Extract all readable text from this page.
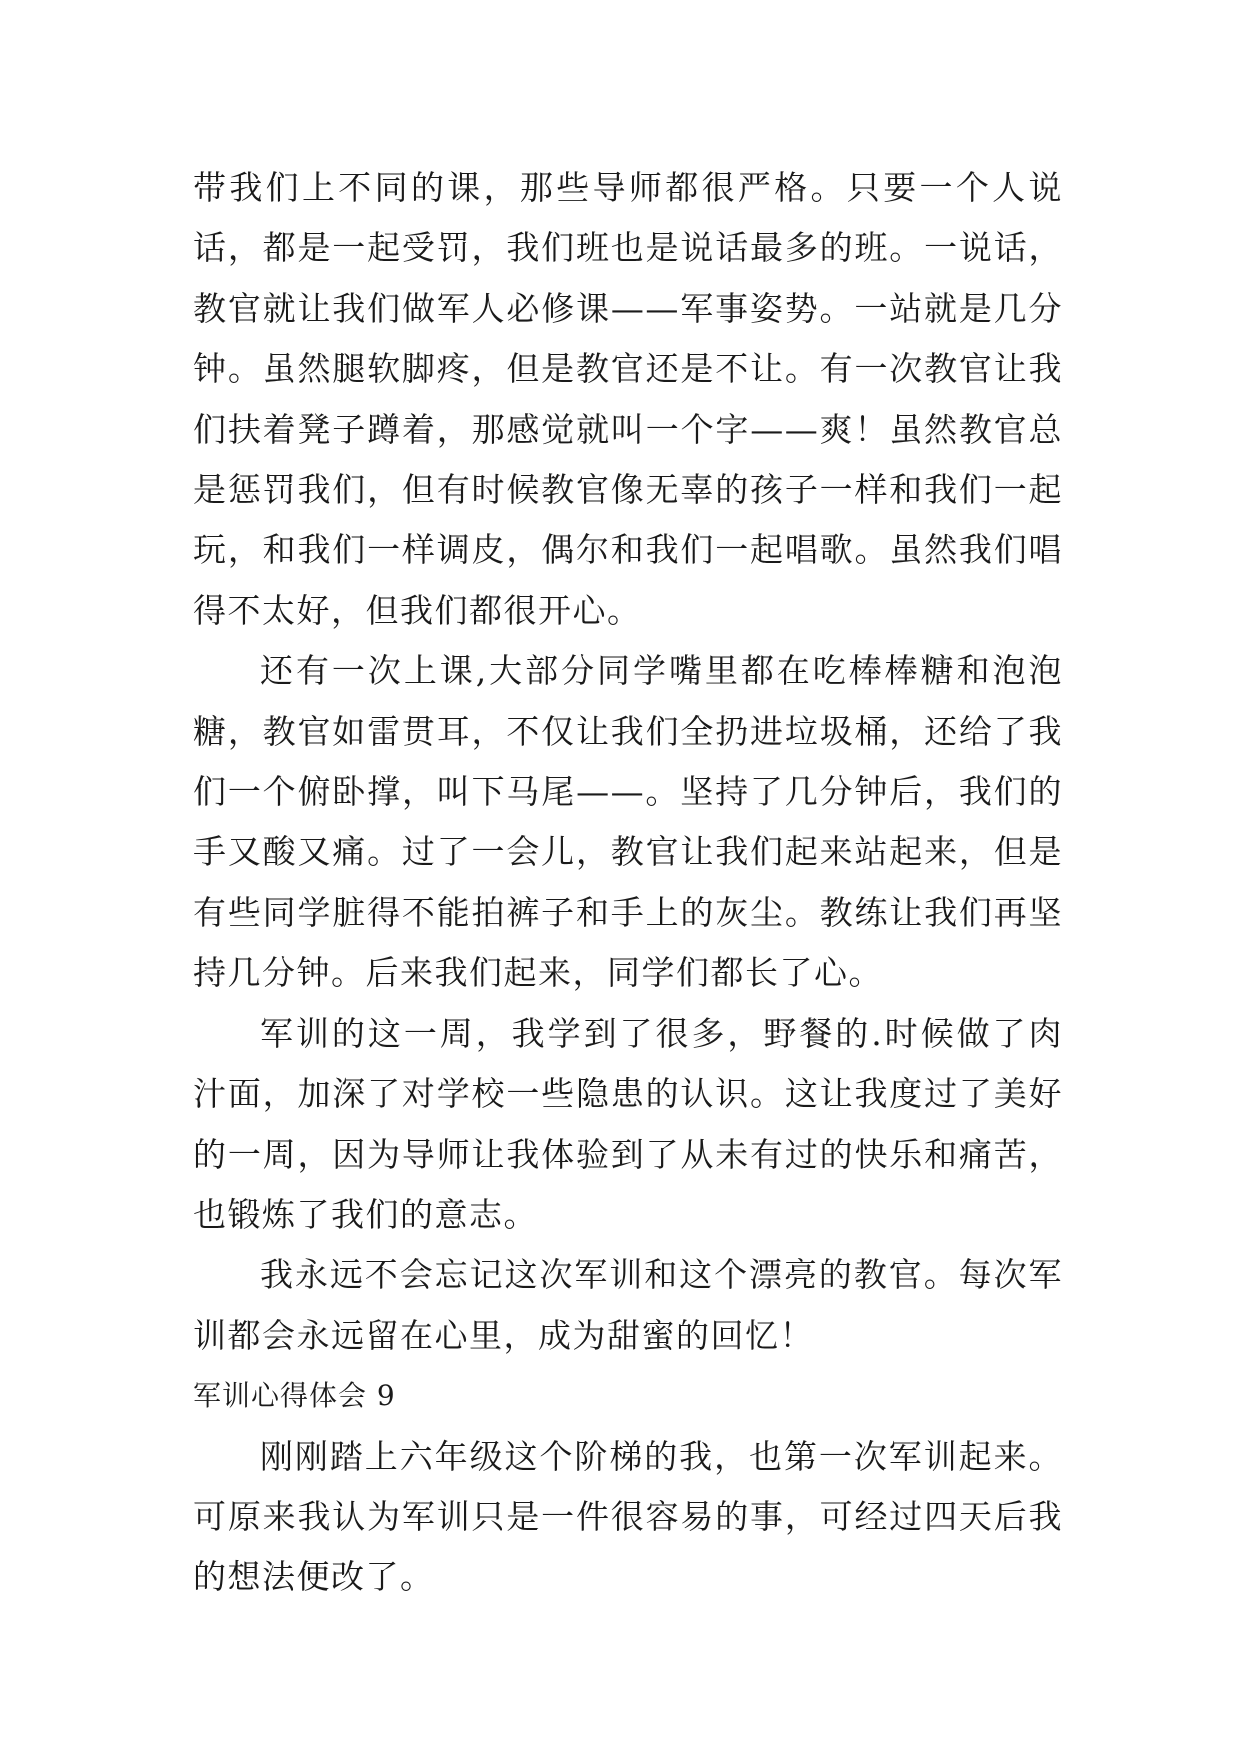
带我们上不同的课，那些导师都很严格。只要一个人说话，都是一起受罚，我们班也是说话最多的班。一说话，教官就让我们做军人必修课——军事姿势。一站就是几分钟。虽然腿软脚疼，但是教官还是不让。有一次教官让我们扶着凳子蹲着，那感觉就叫一个字——爽！虽然教官总是惩罚我们，但有时候教官像无辜的孩子一样和我们一起玩，和我们一样调皮，偶尔和我们一起唱歌。虽然我们唱得不太好，但我们都很开心。

还有一次上课,大部分同学嘴里都在吃棒棒糖和泡泡糖，教官如雷贯耳，不仅让我们全扔进垃圾桶，还给了我们一个俯卧撑，叫下马尾——。坚持了几分钟后，我们的手又酸又痛。过了一会儿，教官让我们起来站起来，但是有些同学脏得不能拍裤子和手上的灰尘。教练让我们再坚持几分钟。后来我们起来，同学们都长了心。

军训的这一周，我学到了很多，野餐的.时候做了肉汁面，加深了对学校一些隐患的认识。这让我度过了美好的一周，因为导师让我体验到了从未有过的快乐和痛苦，也锻炼了我们的意志。

我永远不会忘记这次军训和这个漂亮的教官。每次军训都会永远留在心里，成为甜蜜的回忆！

军训心得体会 9

刚刚踏上六年级这个阶梯的我，也第一次军训起来。可原来我认为军训只是一件很容易的事，可经过四天后我的想法便改了。
